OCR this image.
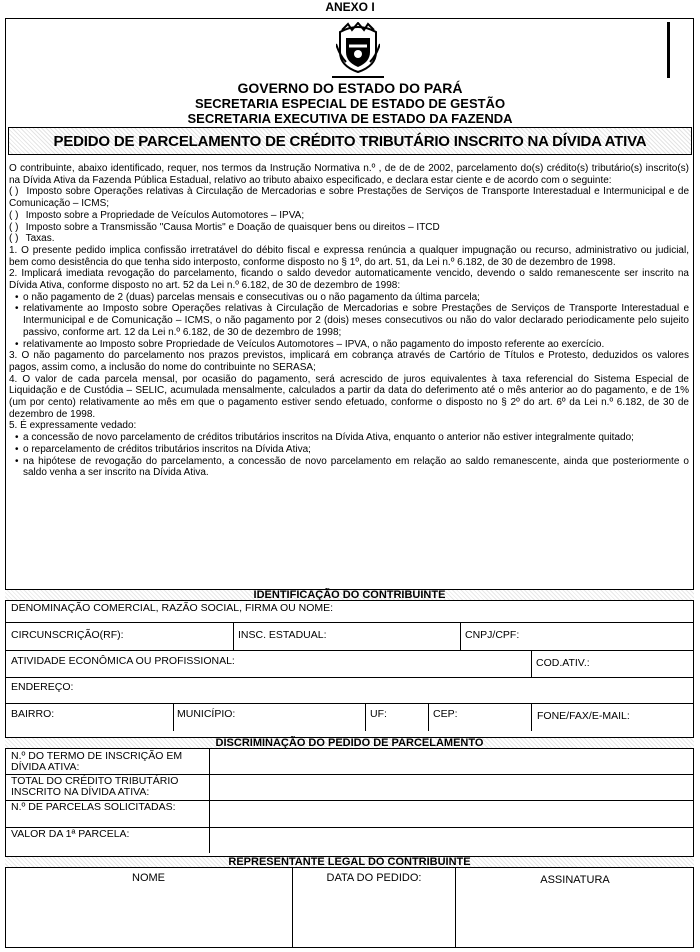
ANEXO I
GOVERNO DO ESTADO DO PARÁ
SECRETARIA ESPECIAL DE ESTADO DE GESTÃO
SECRETARIA EXECUTIVA DE ESTADO DA FAZENDA
PEDIDO DE PARCELAMENTO DE CRÉDITO TRIBUTÁRIO INSCRITO NA DÍVIDA ATIVA

O contribuinte, abaixo identificado, requer, nos termos da Instrução Normativa n.º , de de de 2002, parcelamento do(s) crédito(s) tributário(s) inscrito(s) na Dívida Ativa da Fazenda Pública Estadual, relativo ao tributo abaixo especificado, e declara estar ciente e de acordo com o seguinte:

( ) Imposto sobre Operações relativas à Circulação de Mercadorias e sobre Prestações de Serviços de Transporte Interestadual e Intermunicipal e de Comunicação – ICMS;

( ) Imposto sobre a Propriedade de Veículos Automotores – IPVA;

( ) Imposto sobre a Transmissão "Causa Mortis" e Doação de quaisquer bens ou direitos – ITCD

( ) Taxas.

1. O presente pedido implica confissão irretratável do débito fiscal e expressa renúncia a qualquer impugnação ou recurso, administrativo ou judicial, bem como desistência do que tenha sido interposto, conforme disposto no § 1º, do art. 51, da Lei n.º 6.182, de 30 de dezembro de 1998.

2. Implicará imediata revogação do parcelamento, ficando o saldo devedor automaticamente vencido, devendo o saldo remanescente ser inscrito na Dívida Ativa, conforme disposto no art. 52 da Lei n.º 6.182, de 30 de dezembro de 1998:

• o não pagamento de 2 (duas) parcelas mensais e consecutivas ou o não pagamento da última parcela;

• relativamente ao Imposto sobre Operações relativas à Circulação de Mercadorias e sobre Prestações de Serviços de Transporte Interestadual e Intermunicipal e de Comunicação – ICMS, o não pagamento por 2 (dois) meses consecutivos ou não do valor declarado periodicamente pelo sujeito passivo, conforme art. 12 da Lei n.º 6.182, de 30 de dezembro de 1998;

• relativamente ao Imposto sobre Propriedade de Veículos Automotores – IPVA, o não pagamento do imposto referente ao exercício.

3. O não pagamento do parcelamento nos prazos previstos, implicará em cobrança através de Cartório de Títulos e Protesto, deduzidos os valores pagos, assim como, a inclusão do nome do contribuinte no SERASA;

4. O valor de cada parcela mensal, por ocasião do pagamento, será acrescido de juros equivalentes à taxa referencial do Sistema Especial de Liquidação e de Custódia – SELIC, acumulada mensalmente, calculados a partir da data do deferimento até o mês anterior ao do pagamento, e de 1% (um por cento) relativamente ao mês em que o pagamento estiver sendo efetuado, conforme o disposto no § 2º do art. 6º da Lei n.º 6.182, de 30 de dezembro de 1998.

5. É expressamente vedado:

• a concessão de novo parcelamento de créditos tributários inscritos na Dívida Ativa, enquanto o anterior não estiver integralmente quitado;

• o reparcelamento de créditos tributários inscritos na Dívida Ativa;

• na hipótese de revogação do parcelamento, a concessão de novo parcelamento em relação ao saldo remanescente, ainda que posteriormente o saldo venha a ser inscrito na Dívida Ativa.

IDENTIFICAÇÃO DO CONTRIBUINTE
DENOMINAÇÃO COMERCIAL, RAZÃO SOCIAL, FIRMA OU NOME:
CIRCUNSCRIÇÃO(RF):	INSC. ESTADUAL:	CNPJ/CPF:
ATIVIDADE ECONÔMICA OU PROFISSIONAL:	COD.ATIV.:
ENDEREÇO:
BAIRRO:	MUNICÍPIO:	UF:	CEP:	FONE/FAX/E-MAIL:
DISCRIMINAÇÃO DO PEDIDO DE PARCELAMENTO
N.º DO TERMO DE INSCRIÇÃO EM DÍVIDA ATIVA:
TOTAL DO CRÉDITO TRIBUTÁRIO INSCRITO NA DÍVIDA ATIVA:
N.º DE PARCELAS SOLICITADAS:
VALOR DA 1ª PARCELA:
REPRESENTANTE LEGAL DO CONTRIBUINTE
NOME	DATA DO PEDIDO:	ASSINATURA
